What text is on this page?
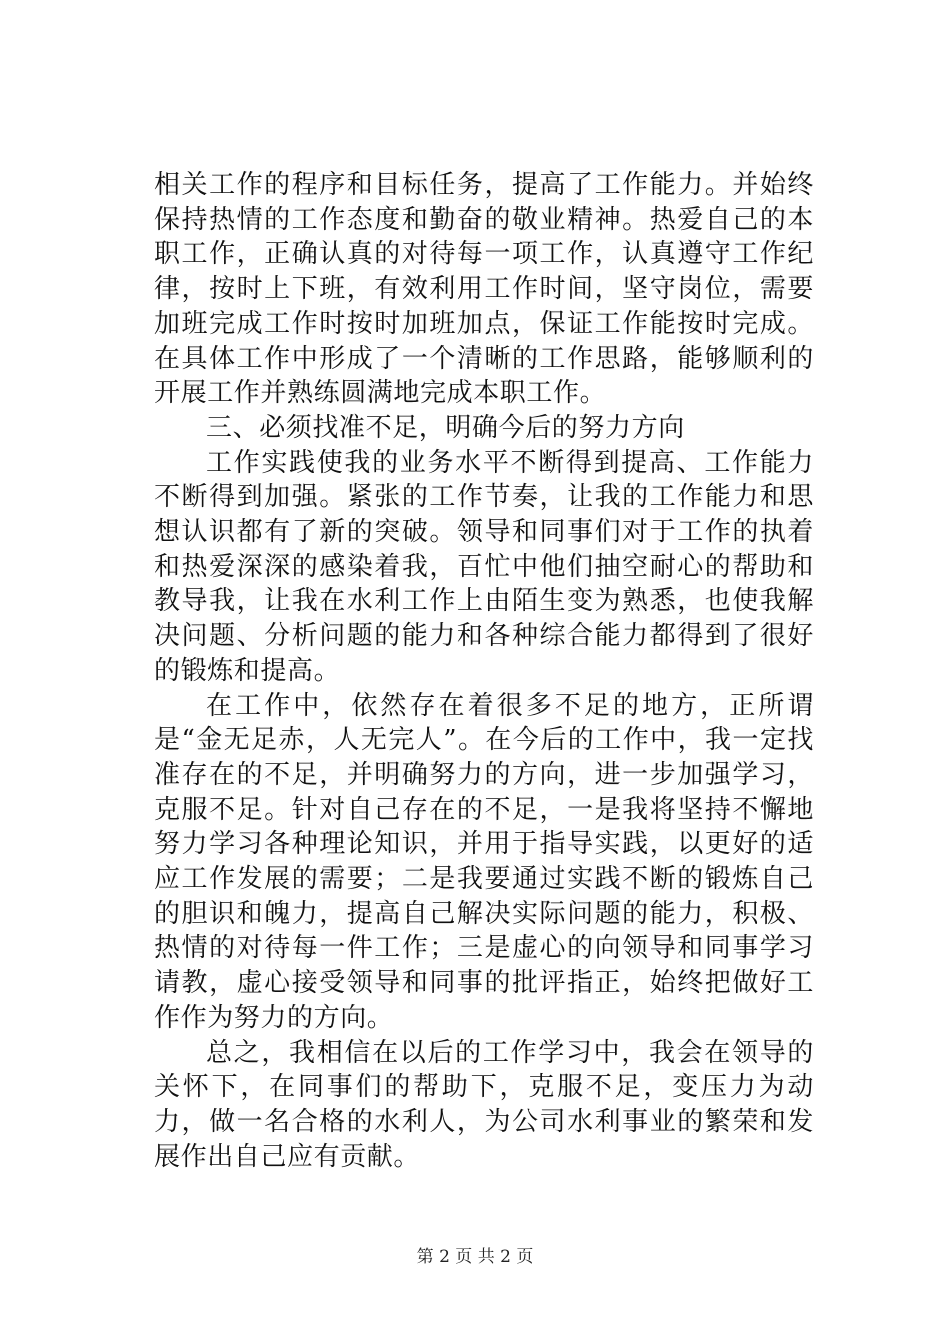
相关工作的程序和目标任务，提高了工作能力。并始终保持热情的工作态度和勤奋的敬业精神。热爱自己的本职工作，正确认真的对待每一项工作，认真遵守工作纪律，按时上下班，有效利用工作时间，坚守岗位，需要加班完成工作时按时加班加点，保证工作能按时完成。在具体工作中形成了一个清晰的工作思路，能够顺利的开展工作并熟练圆满地完成本职工作。

三、必须找准不足，明确今后的努力方向

工作实践使我的业务水平不断得到提高、工作能力不断得到加强。紧张的工作节奏，让我的工作能力和思想认识都有了新的突破。领导和同事们对于工作的执着和热爱深深的感染着我，百忙中他们抽空耐心的帮助和教导我，让我在水利工作上由陌生变为熟悉，也使我解决问题、分析问题的能力和各种综合能力都得到了很好的锻炼和提高。

在工作中，依然存在着很多不足的地方，正所谓是“金无足赤，人无完人”。在今后的工作中，我一定找准存在的不足，并明确努力的方向，进一步加强学习，克服不足。针对自己存在的不足，一是我将坚持不懈地努力学习各种理论知识，并用于指导实践，以更好的适应工作发展的需要；二是我要通过实践不断的锻炼自己的胆识和魄力，提高自己解决实际问题的能力，积极、热情的对待每一件工作；三是虚心的向领导和同事学习请教，虚心接受领导和同事的批评指正，始终把做好工作作为努力的方向。

总之，我相信在以后的工作学习中，我会在领导的关怀下，在同事们的帮助下，克服不足，变压力为动力，做一名合格的水利人，为公司水利事业的繁荣和发展作出自己应有贡献。

第 2 页 共 2 页
